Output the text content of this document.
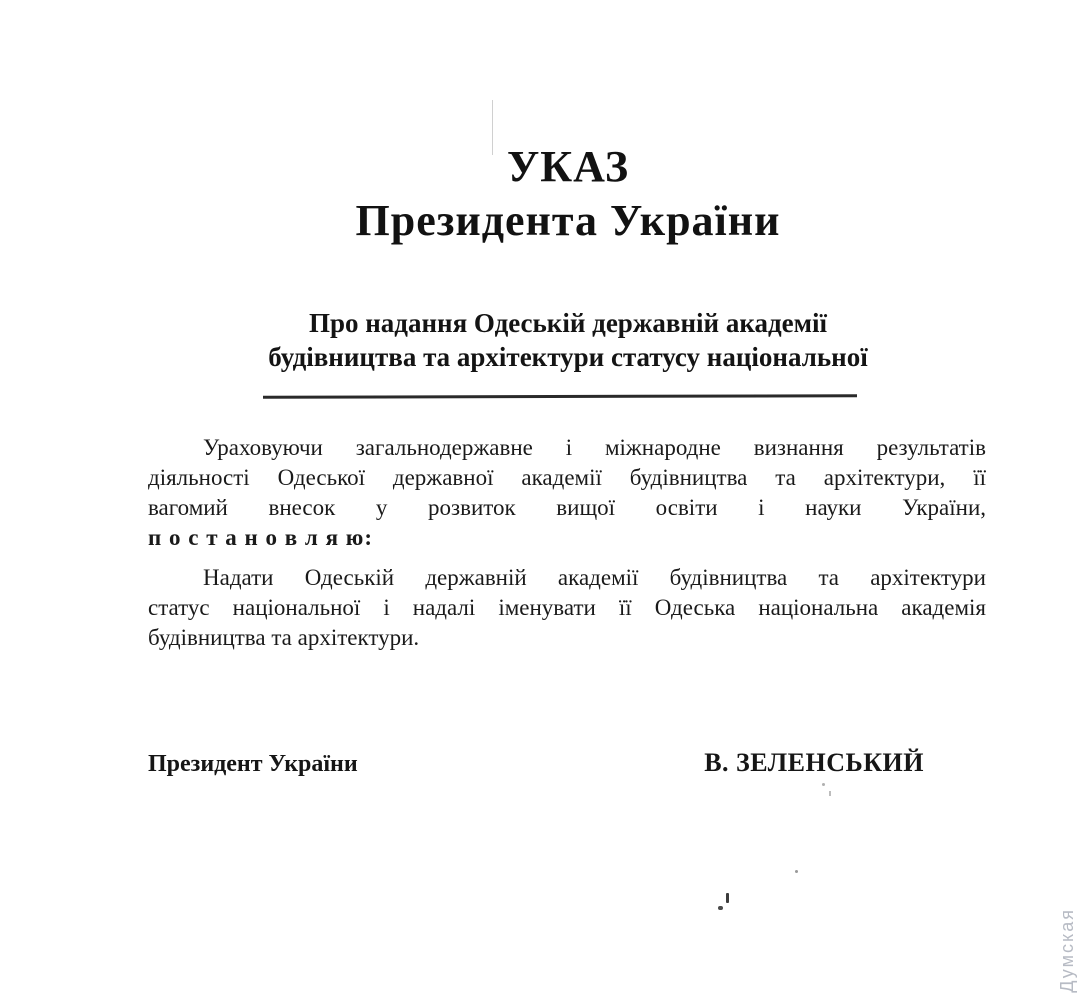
УКАЗ
Президента України
Про надання Одеській державній академії
будівництва та архітектури статусу національної
Ураховуючи загальнодержавне і міжнародне визнання результатів
діяльності Одеської державної академії будівництва та архітектури, її
вагомий внесок у розвиток вищої освіти і науки України,
п о с т а н о в л я ю:
Надати Одеській державній академії будівництва та архітектури
статус національної і надалі іменувати її Одеська національна академія
будівництва та архітектури.
Президент України	В. ЗЕЛЕНСЬКИЙ
Думская
